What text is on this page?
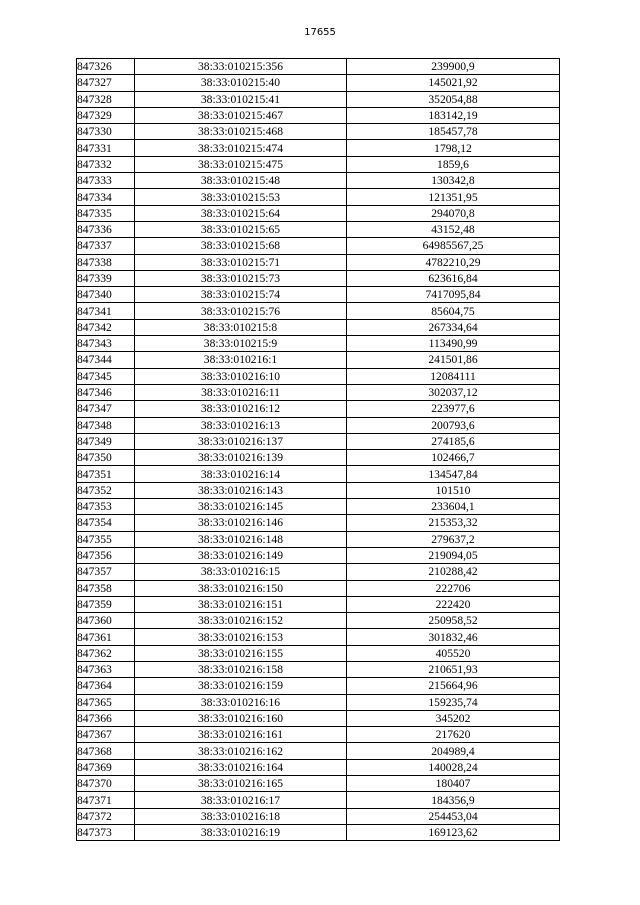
17655
847326	38:33:010215:356	239900,9
847327	38:33:010215:40	145021,92
847328	38:33:010215:41	352054,88
847329	38:33:010215:467	183142,19
847330	38:33:010215:468	185457,78
847331	38:33:010215:474	1798,12
847332	38:33:010215:475	1859,6
847333	38:33:010215:48	130342,8
847334	38:33:010215:53	121351,95
847335	38:33:010215:64	294070,8
847336	38:33:010215:65	43152,48
847337	38:33:010215:68	64985567,25
847338	38:33:010215:71	4782210,29
847339	38:33:010215:73	623616,84
847340	38:33:010215:74	7417095,84
847341	38:33:010215:76	85604,75
847342	38:33:010215:8	267334,64
847343	38:33:010215:9	113490,99
847344	38:33:010216:1	241501,86
847345	38:33:010216:10	12084111
847346	38:33:010216:11	302037,12
847347	38:33:010216:12	223977,6
847348	38:33:010216:13	200793,6
847349	38:33:010216:137	274185,6
847350	38:33:010216:139	102466,7
847351	38:33:010216:14	134547,84
847352	38:33:010216:143	101510
847353	38:33:010216:145	233604,1
847354	38:33:010216:146	215353,32
847355	38:33:010216:148	279637,2
847356	38:33:010216:149	219094,05
847357	38:33:010216:15	210288,42
847358	38:33:010216:150	222706
847359	38:33:010216:151	222420
847360	38:33:010216:152	250958,52
847361	38:33:010216:153	301832,46
847362	38:33:010216:155	405520
847363	38:33:010216:158	210651,93
847364	38:33:010216:159	215664,96
847365	38:33:010216:16	159235,74
847366	38:33:010216:160	345202
847367	38:33:010216:161	217620
847368	38:33:010216:162	204989,4
847369	38:33:010216:164	140028,24
847370	38:33:010216:165	180407
847371	38:33:010216:17	184356,9
847372	38:33:010216:18	254453,04
847373	38:33:010216:19	169123,62
